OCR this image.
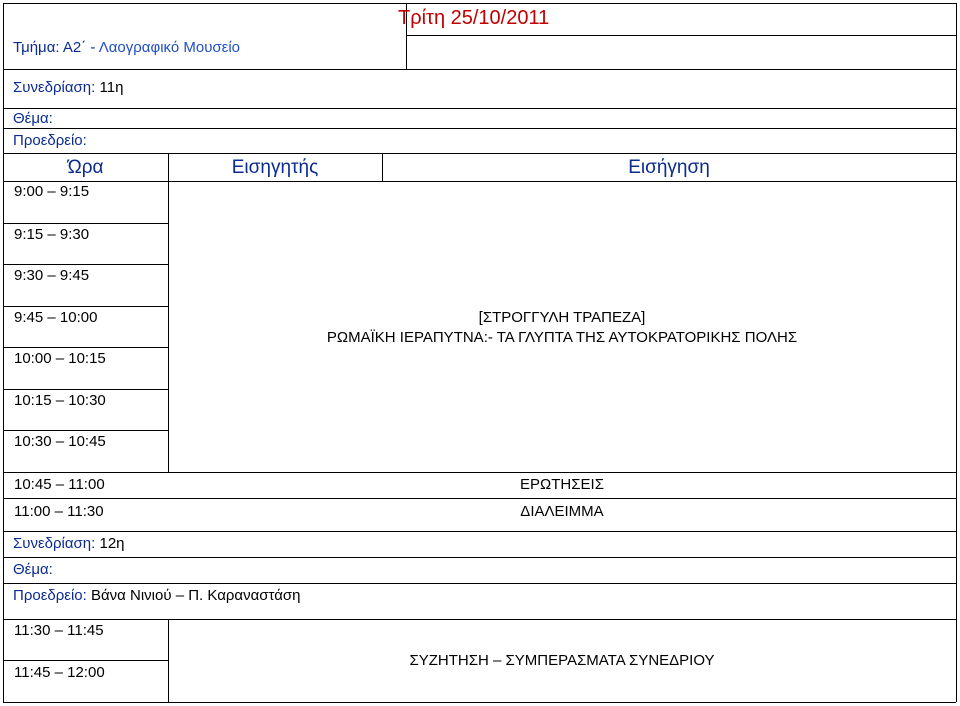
Τρίτη 25/10/2011
Τμήμα: Α2΄ - Λαογραφικό Μουσείο
Συνεδρίαση: 11η
Θέμα:
Προεδρείο:
Ώρα	Εισηγητής	Εισήγηση
9:00 – 9:15
9:15 – 9:30
9:30 – 9:45
9:45 – 10:00
10:00 – 10:15
10:15 – 10:30
10:30 – 10:45
10:45 – 11:00
11:00 – 11:30
[ΣΤΡΟΓΓΥΛΗ ΤΡΑΠΕΖΑ]
ΡΩΜΑΪΚΗ ΙΕΡΑΠΥΤΝΑ:- ΤΑ ΓΛΥΠΤΑ ΤΗΣ ΑΥΤΟΚΡΑΤΟΡΙΚΗΣ ΠΟΛΗΣ
ΕΡΩΤΗΣΕΙΣ
ΔΙΑΛΕΙΜΜΑ
Συνεδρίαση: 12η
Θέμα:
Προεδρείο: Βάνα Νινιού – Π. Καραναστάση
11:30 – 11:45
11:45 – 12:00
ΣΥΖΗΤΗΣΗ – ΣΥΜΠΕΡΑΣΜΑΤΑ ΣΥΝΕΔΡΙΟΥ
